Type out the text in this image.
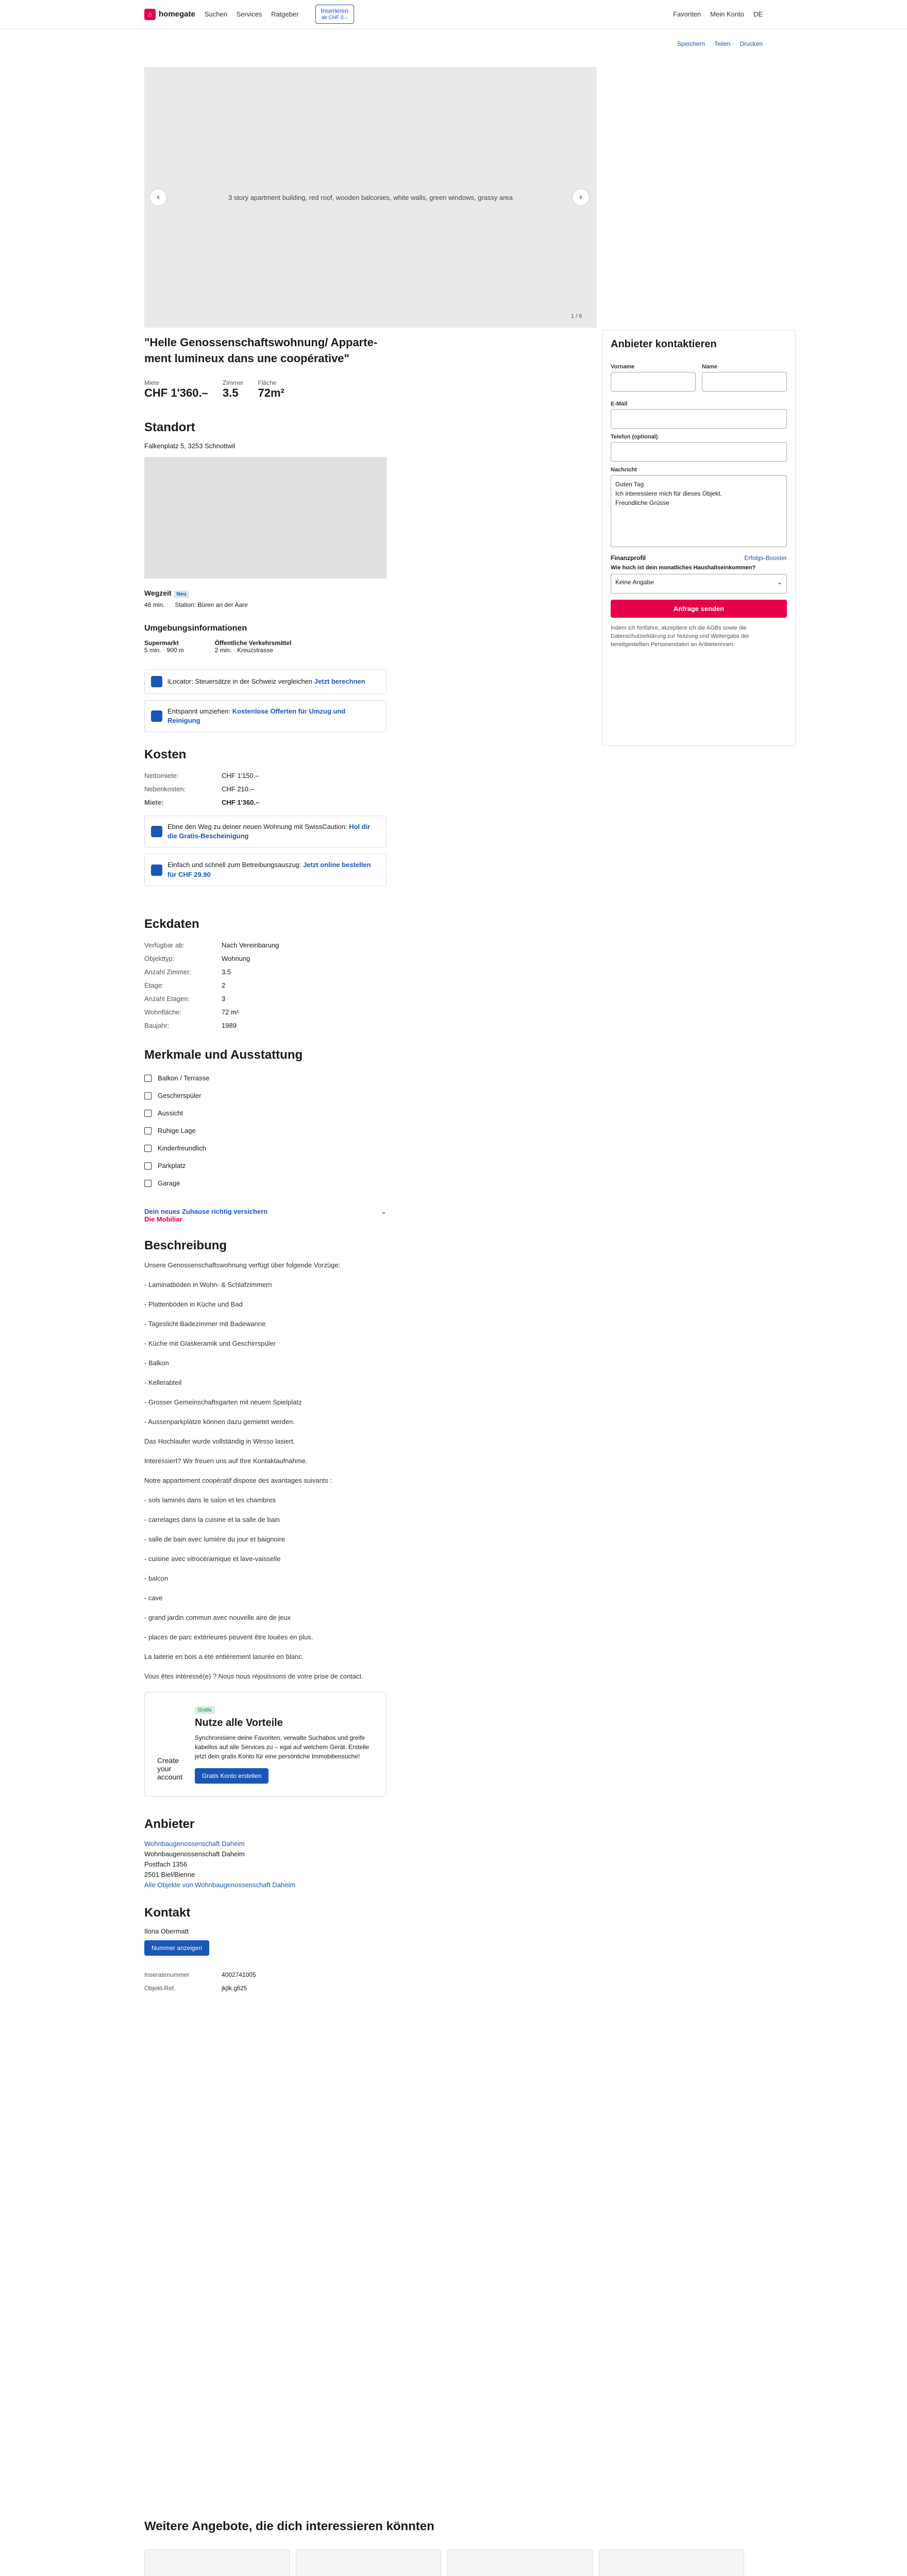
⌂ homegate Suchen Services Ratgeber	Inserieren
ab CHF 0.–	Favoriten Mein Konto DE
Speichern Teilen Drucken
3 story apartment building, red roof, wooden balconies, white walls, green windows, grassy area
‹	›
1 / 6
"Helle Genossenschaftswohnung/ Appartement lumineux dans une coopérative"
Miete
CHF 1'360.–
Zimmer
3.5
Fläche
72m²
Standort
Falkenplatz 5, 3253 Schnottwil
Wegzeit Neu
46 min. Station: Büren an der Aare
Umgebungsinformationen
Supermarkt
5 min. · 900 m
Öffentliche Verkehrsmittel
2 min. · Kreuzstrasse
iLocator: Steuersätze in der Schweiz vergleichen Jetzt berechnen
Entspannt umziehen: Kostenlose Offerten für Umzug und Reinigung
Kosten
Nettomiete:	CHF 1'150.–
Nebenkosten:	CHF 210.–
Miete:	CHF 1'360.–
Ebne den Weg zu deiner neuen Wohnung mit SwissCaution: Hol dir die Gratis-Bescheinigung
Einfach und schnell zum Betreibungsauszug: Jetzt online bestellen für CHF 29.90
Eckdaten
Verfügbar ab:	Nach Vereinbarung
Objekttyp:	Wohnung
Anzahl Zimmer:	3.5
Etage:	2
Anzahl Etagen:	3
Wohnfläche:	72 m²
Baujahr:	1989
Merkmale und Ausstattung
Balkon / Terrasse
Geschirrspüler
Aussicht
Ruhige Lage
Kinderfreundlich
Parkplatz
Garage
Dein neues Zuhause richtig versichern
Die Mobiliar
⌄
Beschreibung

Unsere Genossenschaftswohnung verfügt über folgende Vorzüge:

- Laminatböden in Wohn- & Schlafzimmern

- Plattenböden in Küche und Bad

- Tageslicht Badezimmer mit Badewanne

- Küche mit Glaskeramik und Geschirrspüler

- Balkon

- Kellerabteil

- Grosser Gemeinschaftsgarten mit neuem Spielplatz

- Aussenparkplätze können dazu gemietet werden.

Das Hochlaufer wurde vollständig in Wesso lasiert.

Interessiert? Wir freuen uns auf Ihre Kontaktaufnahme.

Notre appartement coopératif dispose des avantages suivants :

- sols laminés dans le salon et les chambres

- carrelages dans la cuisine et la salle de bain

- salle de bain avec lumière du jour et baignoire

- cuisine avec vitrocéramique et lave-vaisselle

- balcon

- cave

- grand jardin commun avec nouvelle aire de jeux

- places de parc extérieures peuvent être louées en plus.

La laiterie en bois a été entièrement lasurée en blanc.

Vous êtes intéressé(e) ? Nous nous réjouissons de votre prise de contact.

Create your account
Gratis
Nutze alle Vorteile

Synchronisiere deine Favoriten, verwalte Suchabos und greife kabellos auf alle Services zu – egal auf welchem Gerät. Erstelle jetzt dein gratis Konto für eine persönliche Immobiliensuche!

Gratis Konto erstellen
Anbieter
Wohnbaugenossenschaft Daheim
Wohnbaugenossenschaft Daheim
Postfach 1356
2501 Biel/Bienne
Alle Objekte von Wohnbaugenossenschaft Daheim
Kontakt
Ilona Obermatt
Nummer anzeigen
Inseratenummer	4002741005
Objekt-Ref.	jkjlk.gfi25
Anbieter kontaktieren
Vorname	Name
E-Mail
Telefon (optional)
Nachricht
Guten Tag
Ich interessiere mich für dieses Objekt.
Freundliche Grüsse
Finanzprofil	Erfolgs-Booster
Wie hoch ist dein monatliches Haushaltseinkommen?
Keine Angabe	⌄
Anfrage senden

Indem ich fortfahre, akzeptiere ich die AGBs sowie die Datenschutzerklärung zur Nutzung und Weitergabe der bereitgestellten Personendaten an Anbieterinnen.

Weitere Angebote, die dich interessieren könnten
